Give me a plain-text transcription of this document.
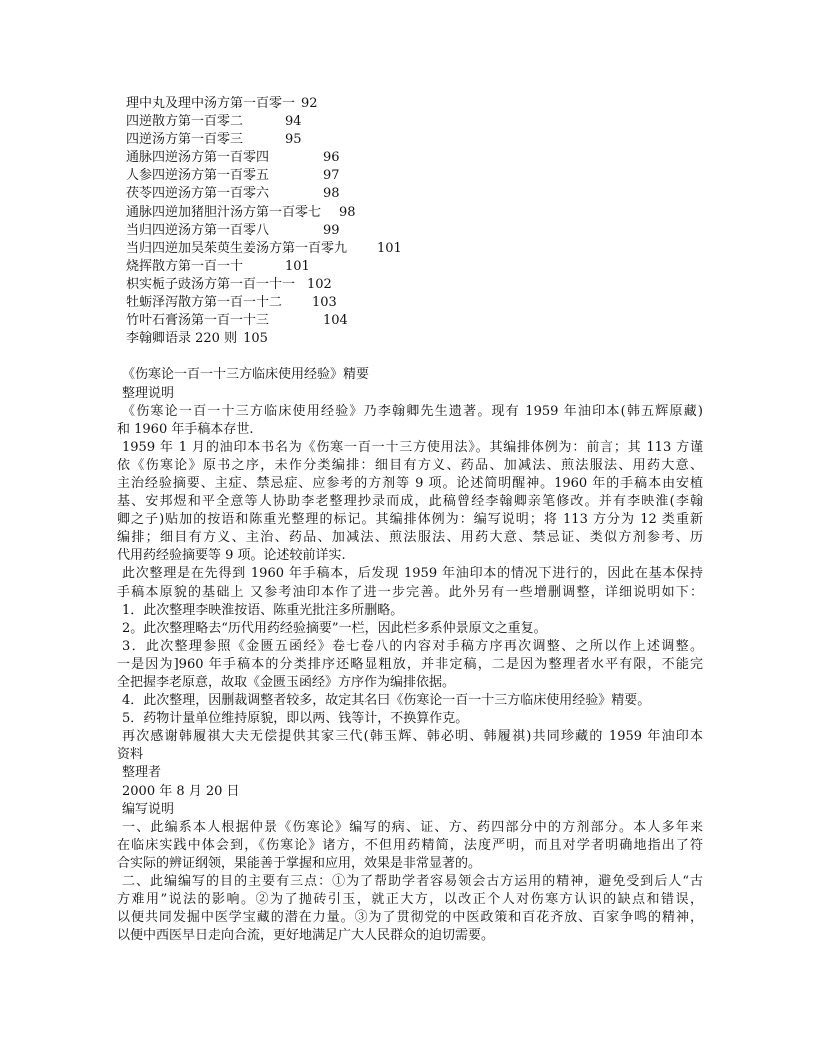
理中丸及理中汤方第一百零一 92
四逆散方第一百零二	94
四逆汤方第一百零三	95
通脉四逆汤方第一百零四	96
人参四逆汤方第一百零五	97
茯苓四逆汤方第一百零六	98
通脉四逆加猪胆汁汤方第一百零七 98
当归四逆汤方第一百零八	99
当归四逆加吴茱萸生姜汤方第一百零九 101
烧挥散方第一百一十	101
枳实栀子豉汤方第一百一十一 102
牡蛎泽泻散方第一百一十二 103
竹叶石膏汤第一百一十三	104
李翰卿语录 220 则 105
《伤寒论一百一十三方临床使用经验》精要
整理说明
《伤寒论一百一十三方临床使用经验》乃李翰卿先生遗著。现有 1959 年油印本(韩五辉原藏)
和 1960 年手稿本存世.
1959 年 1 月的油印本书名为《伤寒一百一十三方使用法》。其编排体例为：前言；其 113 方谨
依《伤寒论》原书之序，未作分类编排：细目有方义、药品、加减法、煎法服法、用药大意、
主治经验摘要、主症、禁忌症、应参考的方剂等 9 项。论述简明醒神。1960 年的手稿本由安植
基、安邦煜和平全意等人协助李老整理抄录而成，此稿曾经李翰卿亲笔修改。并有李映淮(李翰
卿之子)贴加的按语和陈重光整理的标记。其编排体例为：编写说明；将 113 方分为 12 类重新
编排；细目有方义、主治、药品、加减法、煎法服法、用药大意、禁忌证、类似方剂参考、历
代用药经验摘要等 9 项。论述较前详实.
此次整理是在先得到 1960 年手稿本，后发现 1959 年油印本的情况下进行的，因此在基本保持
手稿本原貌的基础上 又参考油印本作了进一步完善。此外另有一些增删调整，详细说明如下：
1．此次整理李映淮按语、陈重光批注多所删略。
2。此次整理略去“历代用药经验摘要”一栏，因此栏多系仲景原文之重复。
3．此次整理参照《金匮五函经》卷七卷八的内容对手稿方序再次调整、之所以作上述调整。
一是因为]960 年手稿本的分类排序还略显粗放，并非定稿，二是因为整理者水平有限，不能完
全把握李老原意，故取《金匮玉函经》方序作为编排依据。
4．此次整理，因删裁调整者较多，故定其名曰《伤寒论一百一十三方临床使用经验》精要。
5．药物计量单位维持原貌，即以两、钱等计，不换算作克。
再次感谢韩履祺大夫无偿提供其家三代(韩玉辉、韩必明、韩履祺)共同珍藏的 1959 年油印本
资料
整理者
2000 年 8 月 20 日
编写说明
一、此编系本人根据仲景《伤寒论》编写的病、证、方、药四部分中的方剂部分。本人多年来
在临床实践中体会到，《伤寒论》诸方，不但用药精简，法度严明，而且对学者明确地指出了符
合实际的辨证纲领，果能善于掌握和应用，效果是非常显著的。
二、此编编写的目的主要有三点：①为了帮助学者容易领会古方运用的精神，避免受到后人“古
方难用”说法的影响。②为了抛砖引玉，就正大方，以改正个人对伤寒方认识的缺点和错误，
以便共同发掘中医学宝藏的潜在力量。③为了贯彻党的中医政策和百花齐放、百家争鸣的精神，
以便中西医早日走向合流，更好地满足广大人民群众的迫切需要。
